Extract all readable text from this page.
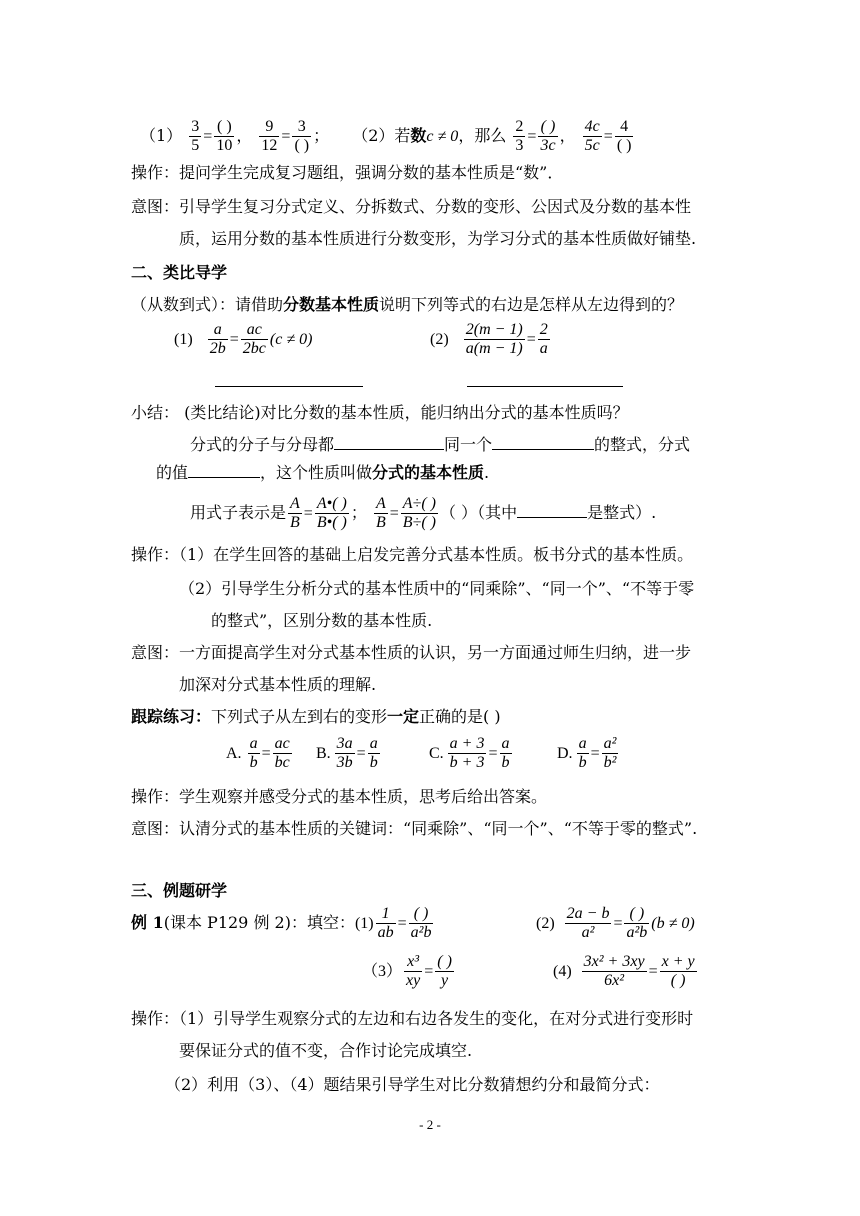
$(1) \frac{3}{5} = \frac{( )}{10}$ ， $\frac{9}{12} = \frac{3}{( )}$ ； （2）若数c ≠ 0，那么 $\frac{2}{3} = \frac{( )}{3c}$ ， $\frac{4c}{5c} = \frac{4}{( )}$
操作：提问学生完成复习题组，强调分数的基本性质是“数”．
意图：引导学生复习分式定义、分拆数式、分数的变形、公因式及分数的基本性
质，运用分数的基本性质进行分数变形，为学习分式的基本性质做好铺垫.
二、类比导学
（从数到式）：请借助分数基本性质说明下列等式的右边是怎样从左边得到的？
$(1) \frac{a}{2b} = \frac{ac}{2bc} (c \ne 0)$	$(2) \frac{2(m - 1)}{a(m - 1)} = \frac{2}{a}$
小结： (类比结论)对比分数的基本性质，能归纳出分式的基本性质吗？
分式的分子与分母都	同一个	的整式，分式
的值	，这个性质叫做分式的基本性质.
用式子表示是 $\frac{A}{B} = \frac{A•( )}{B•( )}$ ； $\frac{A}{B} = \frac{A\div( )}{B\div( )}$ （ ）（其中	是整式）.
操作：（1）在学生回答的基础上启发完善分式基本性质。板书分式的基本性质。
（2）引导学生分析分式的基本性质中的“同乘除”、“同一个”、“不等于零
的整式”，区别分数的基本性质.
意图：一方面提高学生对分式基本性质的认识，另一方面通过师生归纳，进一步
加深对分式基本性质的理解.
跟踪练习：下列式子从左到右的变形一定正确的是( )
A. $\frac{a}{b} = \frac{ac}{bc} B$. $\frac{3a}{3b} = \frac{a}{b}$	C. $\frac{a + 3}{b + 3} = \frac{a}{b}$	D. $\frac{a}{b} = \frac{\text{a²}}{\text{b²}}$
操作：学生观察并感受分式的基本性质，思考后给出答案。
意图：认清分式的基本性质的关键词：“同乘除”、“同一个”、“不等于零的整式”.
三、例题研学
例 1(课本 P129 例 2)：填空：$(1) \frac{1}{ab} = \frac{( )}{\text{a²b}}$	$(2) \frac{2a - b}{\text{a²}} = \frac{( )}{\text{a²b}} (b \ne 0)$
$(3) \frac{\text{x³}}{xy} = \frac{( )}{y}$	$(4) \frac{\text{3x² + 3xy}}{\text{6x²}} = \frac{x + y}{( )}$
操作：（1）引导学生观察分式的左边和右边各发生的变化，在对分式进行变形时
要保证分式的值不变，合作讨论完成填空.
（2）利用（3）、（4）题结果引导学生对比分数猜想约分和最简分式：
- 2 -
